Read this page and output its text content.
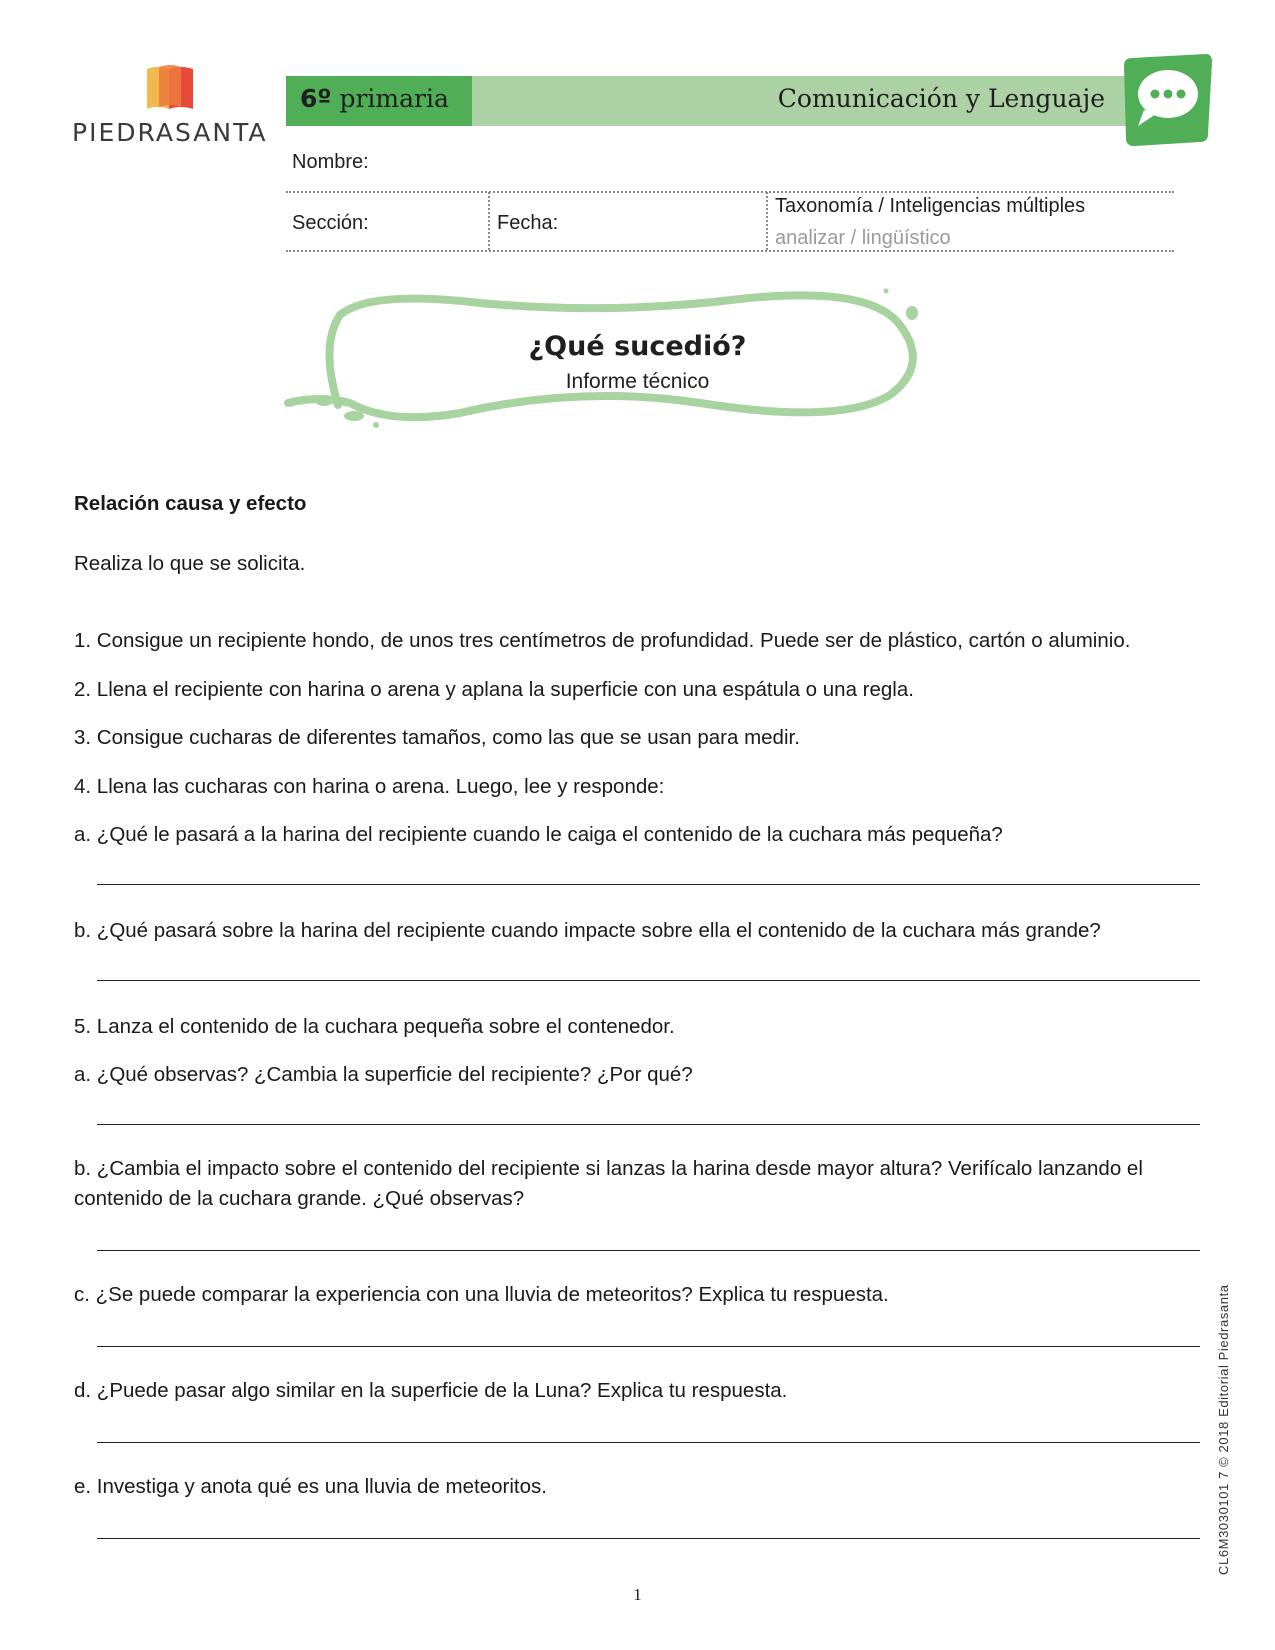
PIEDRASANTA
6º primaria	Comunicación y Lenguaje
Nombre:
Sección:	Fecha:
Taxonomía / Inteligencias múltiples
analizar / lingüístico
¿Qué sucedió?
Informe técnico
Relación causa y efecto
Realiza lo que se solicita.
1. Consigue un recipiente hondo, de unos tres centímetros de profundidad. Puede ser de plástico, cartón o aluminio.
2. Llena el recipiente con harina o arena y aplana la superficie con una espátula o una regla.
3. Consigue cucharas de diferentes tamaños, como las que se usan para medir.
4. Llena las cucharas con harina o arena. Luego, lee y responde:
a. ¿Qué le pasará a la harina del recipiente cuando le caiga el contenido de la cuchara más pequeña?
b. ¿Qué pasará sobre la harina del recipiente cuando impacte sobre ella el contenido de la cuchara más grande?
5. Lanza el contenido de la cuchara pequeña sobre el contenedor.
a. ¿Qué observas? ¿Cambia la superficie del recipiente? ¿Por qué?
b. ¿Cambia el impacto sobre el contenido del recipiente si lanzas la harina desde mayor altura? Verifícalo lanzando el contenido de la cuchara grande. ¿Qué observas?
c. ¿Se puede comparar la experiencia con una lluvia de meteoritos? Explica tu respuesta.
d. ¿Puede pasar algo similar en la superficie de la Luna? Explica tu respuesta.
e. Investiga y anota qué es una lluvia de meteoritos.
1
CL6M3030101 7 © 2018 Editorial Piedrasanta
